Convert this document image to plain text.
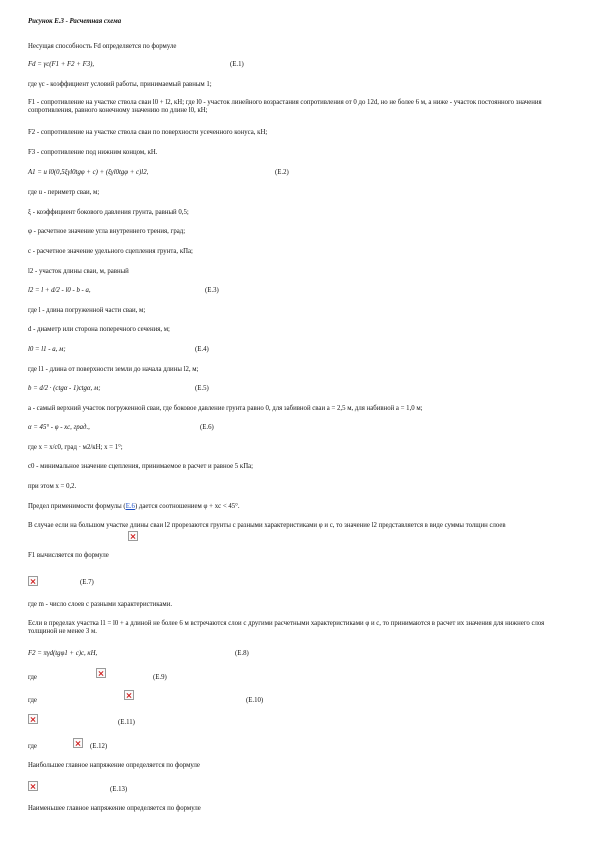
Рисунок Е.3 - Расчетная схема
Несущая способность Fd определяется по формуле
Fd = γc(F1 + F2 + F3),	(Е.1)
где γc - коэффициент условий работы, принимаемый равным 1;
F1 - сопротивление на участке ствола сваи l0 + l2, кН; где l0 - участок линейного возрастания сопротивления от 0 до 12d, но не более 6 м, а ниже - участок постоянного значения сопротивления, равного конечному значению по длине l0, кН;
F2 - сопротивление на участке ствола сваи по поверхности усеченного конуса, кН;
F3 - сопротивление под нижним концом, кН.
А1 = u l0(0,5ξγl0tgφ + c) + (ξγl0tgφ + c)l2,	(Е.2)
где u - периметр сваи, м;
ξ - коэффициент бокового давления грунта, равный 0,5;
φ - расчетное значение угла внутреннего трения, град;
c - расчетное значение удельного сцепления грунта, кПа;
l2 - участок длины сваи, м, равный
l2 = l + d/2 - l0 - b - a,	(Е.3)
где l - длина погруженной части сваи, м;
d - диаметр или сторона поперечного сечения, м;
l0 = l1 - a, м;	(Е.4)
где l1 - длина от поверхности земли до начала длины l2, м;
b = d/2 · (ctgα - 1)ctgα, м;	(Е.5)
a - самый верхний участок погруженной сваи, где боковое давление грунта равно 0, для забивной сваи a = 2,5 м, для набивной a = 1,0 м;
α = 45° - φ - xc, град.,	(Е.6)
где x = x/c0, град · м2/кН; x = 1°;
c0 - минимальное значение сцепления, принимаемое в расчет и равное 5 кПа;
при этом x = 0,2.
Предел применимости формулы (Е.6) дается соотношением φ + xc < 45°.
В случае если на большом участке длины сваи l2 прорезаются грунты с разными характеристиками φ и c, то значение l2 представляется в виде суммы толщин слоев
F1 вычисляется по формуле
(Е.7)
где m - число слоев с разными характеристиками.
Если в пределах участка l1 = l0 + a длиной не более 6 м встречаются слои с другими расчетными характеристиками φ и c, то принимаются в расчет их значения для нижнего слоя толщиной не менее 3 м.
F2 = πγd(tgφ1 + c)c, кН,	(Е.8)
где	(Е.9)
где	(Е.10)
(Е.11)
где	(Е.12)
Наибольшее главное напряжение определяется по формуле
(Е.13)
Наименьшее главное напряжение определяется по формуле
